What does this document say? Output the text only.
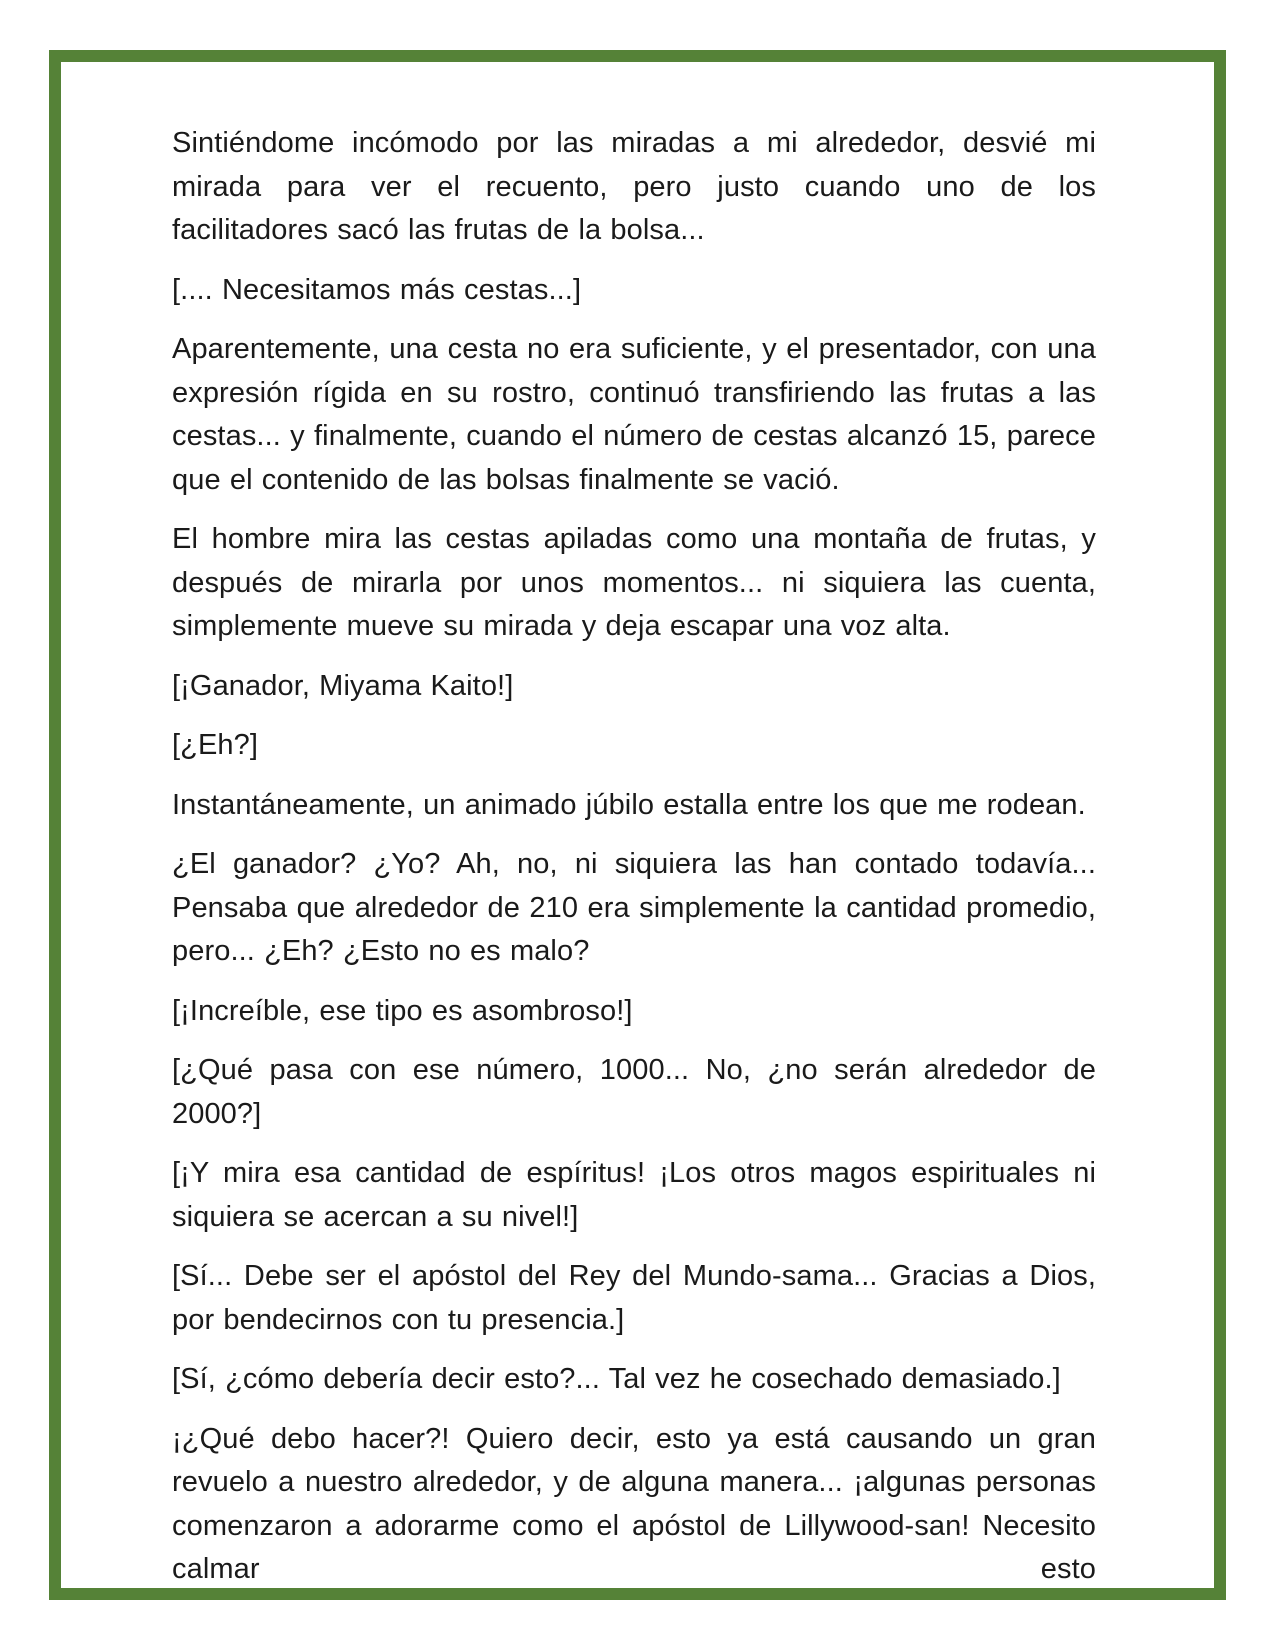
Sintiéndome incómodo por las miradas a mi alrededor, desvié mi mirada para ver el recuento, pero justo cuando uno de los facilitadores sacó las frutas de la bolsa...

[.... Necesitamos más cestas...]

Aparentemente, una cesta no era suficiente, y el presentador, con una expresión rígida en su rostro, continuó transfiriendo las frutas a las cestas... y finalmente, cuando el número de cestas alcanzó 15, parece que el contenido de las bolsas finalmente se vació.

El hombre mira las cestas apiladas como una montaña de frutas, y después de mirarla por unos momentos... ni siquiera las cuenta, simplemente mueve su mirada y deja escapar una voz alta.

[¡Ganador, Miyama Kaito!]

[¿Eh?]

Instantáneamente, un animado júbilo estalla entre los que me rodean.

¿El ganador? ¿Yo? Ah, no, ni siquiera las han contado todavía... Pensaba que alrededor de 210 era simplemente la cantidad promedio, pero... ¿Eh? ¿Esto no es malo?

[¡Increíble, ese tipo es asombroso!]

[¿Qué pasa con ese número, 1000... No, ¿no serán alrededor de 2000?]

[¡Y mira esa cantidad de espíritus! ¡Los otros magos espirituales ni siquiera se acercan a su nivel!]

[Sí... Debe ser el apóstol del Rey del Mundo-sama... Gracias a Dios, por bendecirnos con tu presencia.]

[Sí, ¿cómo debería decir esto?... Tal vez he cosechado demasiado.]

¡¿Qué debo hacer?! Quiero decir, esto ya está causando un gran revuelo a nuestro alrededor, y de alguna manera... ¡algunas personas comenzaron a adorarme como el apóstol de Lillywood-san! Necesito calmar esto
